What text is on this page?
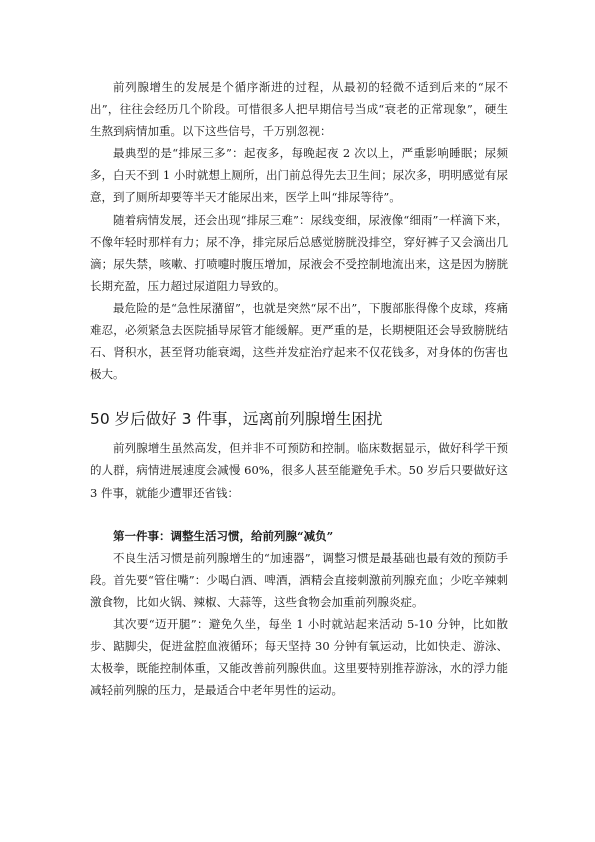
前列腺增生的发展是个循序渐进的过程，从最初的轻微不适到后来的“尿不出”，往往会经历几个阶段。可惜很多人把早期信号当成“衰老的正常现象”，硬生生熬到病情加重。以下这些信号，千万别忽视：

最典型的是“排尿三多”：起夜多，每晚起夜 2 次以上，严重影响睡眠；尿频多，白天不到 1 小时就想上厕所，出门前总得先去卫生间；尿次多，明明感觉有尿意，到了厕所却要等半天才能尿出来，医学上叫“排尿等待”。

随着病情发展，还会出现“排尿三难”：尿线变细，尿液像“细雨”一样滴下来，不像年轻时那样有力；尿不净，排完尿后总感觉膀胱没排空，穿好裤子又会滴出几滴；尿失禁，咳嗽、打喷嚏时腹压增加，尿液会不受控制地流出来，这是因为膀胱长期充盈，压力超过尿道阻力导致的。

最危险的是“急性尿潴留”，也就是突然“尿不出”，下腹部胀得像个皮球，疼痛难忍，必须紧急去医院插导尿管才能缓解。更严重的是，长期梗阻还会导致膀胱结石、肾积水，甚至肾功能衰竭，这些并发症治疗起来不仅花钱多，对身体的伤害也极大。

50 岁后做好 3 件事，远离前列腺增生困扰

前列腺增生虽然高发，但并非不可预防和控制。临床数据显示，做好科学干预的人群，病情进展速度会减慢 60%，很多人甚至能避免手术。50 岁后只要做好这 3 件事，就能少遭罪还省钱：

第一件事：调整生活习惯，给前列腺“减负”

不良生活习惯是前列腺增生的“加速器”，调整习惯是最基础也最有效的预防手段。首先要“管住嘴”：少喝白酒、啤酒，酒精会直接刺激前列腺充血；少吃辛辣刺激食物，比如火锅、辣椒、大蒜等，这些食物会加重前列腺炎症。

其次要“迈开腿”：避免久坐，每坐 1 小时就站起来活动 5-10 分钟，比如散步、踮脚尖，促进盆腔血液循环；每天坚持 30 分钟有氧运动，比如快走、游泳、太极拳，既能控制体重，又能改善前列腺供血。这里要特别推荐游泳，水的浮力能减轻前列腺的压力，是最适合中老年男性的运动。
